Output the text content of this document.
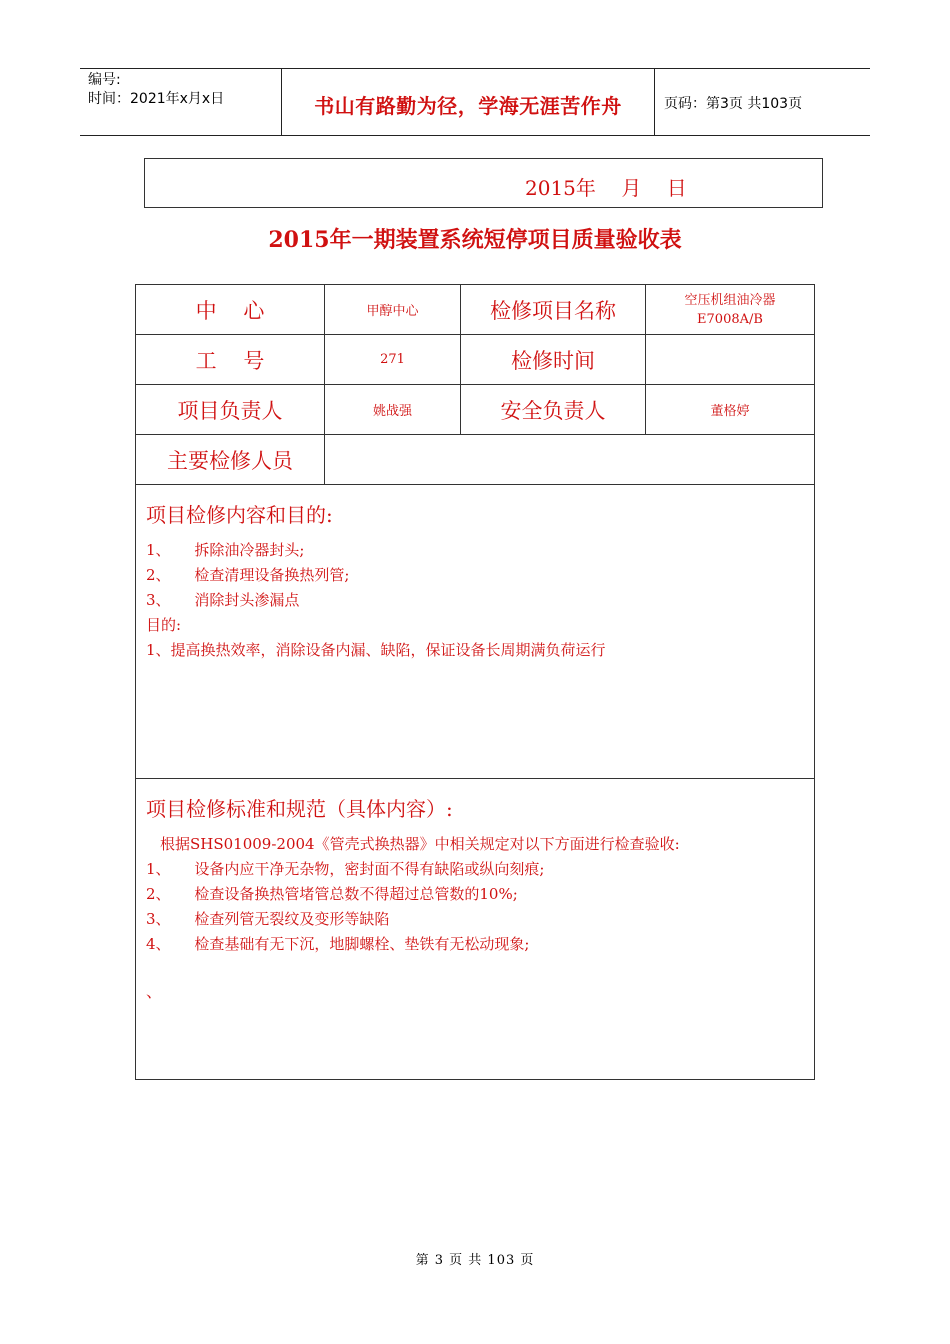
编号:
时间：2021年x月x日	书山有路勤为径，学海无涯苦作舟	页码：第3页 共103页
2015年    月    日
2015年一期装置系统短停项目质量验收表
中    心	甲醇中心	检修项目名称	空压机组油冷器
E7008A/B
工    号	271	检修时间
项目负责人	姚战强	安全负责人	董格婷
主要检修人员
项目检修内容和目的:
1、     拆除油冷器封头;
2、     检查清理设备换热列管;
3、     消除封头渗漏点
目的:
1、提高换热效率，消除设备内漏、缺陷，保证设备长周期满负荷运行
项目检修标准和规范（具体内容）:
根据SHS01009-2004《管壳式换热器》中相关规定对以下方面进行检查验收:
1、     设备内应干净无杂物，密封面不得有缺陷或纵向刻痕;
2、     检查设备换热管堵管总数不得超过总管数的10%;
3、     检查列管无裂纹及变形等缺陷
4、     检查基础有无下沉，地脚螺栓、垫铁有无松动现象;
、
第 3 页 共 103 页
